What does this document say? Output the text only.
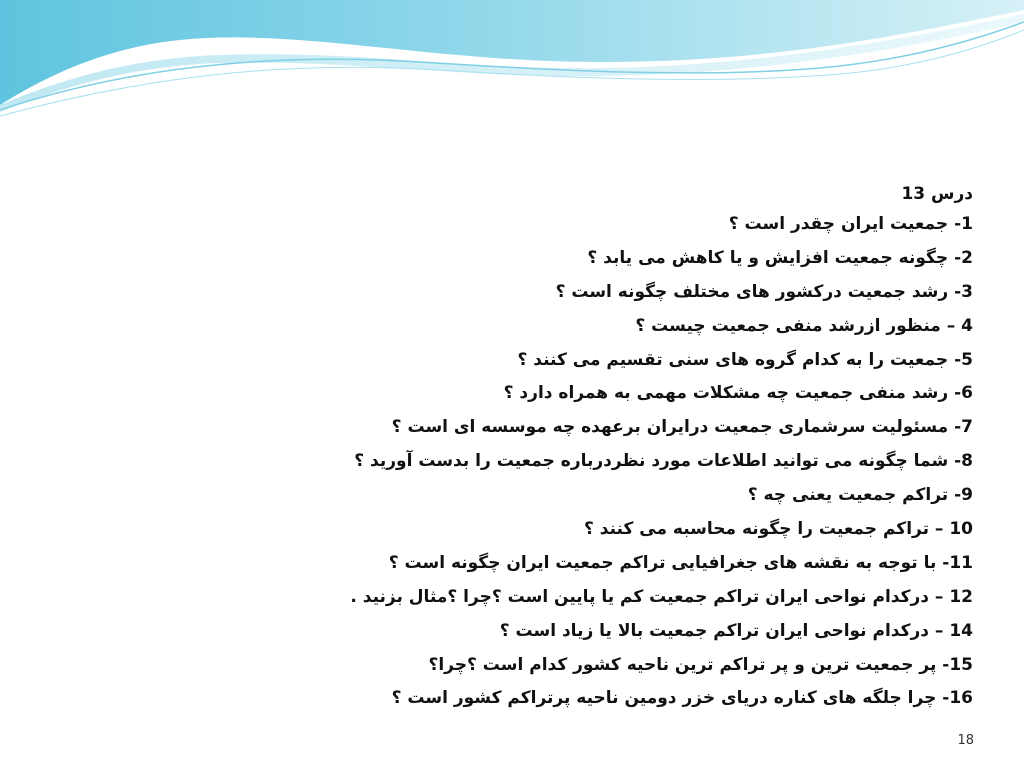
درس 13
1- جمعیت ایران چقدر است ؟
2- چگونه جمعیت افزایش و یا کاهش می یابد ؟
3- رشد جمعیت درکشور های مختلف چگونه است ؟
4 – منظور ازرشد منفی جمعیت چیست ؟
5- جمعیت را به کدام گروه های سنی تقسیم می کنند ؟
6- رشد منفی جمعیت چه مشکلات مهمی به همراه دارد ؟
7- مسئولیت سرشماری جمعیت درایران برعهده چه موسسه ای است ؟
8- شما چگونه می توانید اطلاعات مورد نظردرباره جمعیت را بدست آورید ؟
9- تراکم جمعیت یعنی چه ؟
10 – تراکم جمعیت را چگونه محاسبه می کنند ؟
11- با توجه به نقشه های جغرافیایی تراکم جمعیت ایران چگونه است ؟
12 – درکدام نواحی ایران تراکم جمعیت کم یا پایین است ؟چرا ؟مثال بزنید .
14 – درکدام نواحی ایران تراکم جمعیت بالا یا زیاد است ؟
15- پر جمعیت ترین و پر تراکم ترین ناحیه کشور کدام است ؟چرا؟
16- چرا جلگه های کناره دریای خزر دومین ناحیه پرتراکم کشور است ؟
18
